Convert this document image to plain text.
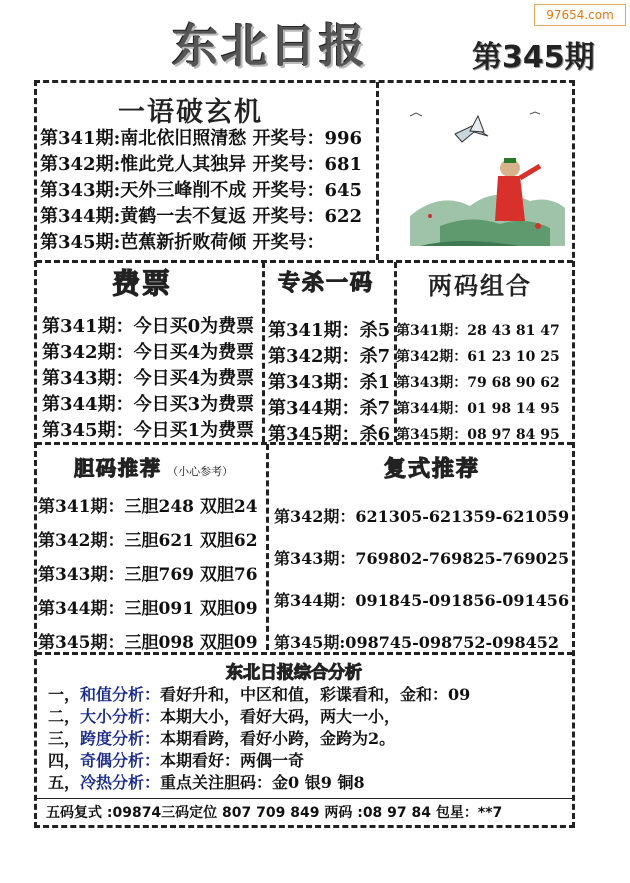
97654.com
东北日报	第345期
一语破玄机
第341期:南北依旧照清愁 开奖号：996
第342期:惟此党人其独异 开奖号：681
第343期:天外三峰削不成 开奖号：645
第344期:黄鹤一去不复返 开奖号：622
第345期:芭蕉新折败荷倾 开奖号：
费票
第341期：今日买0为费票
第342期：今日买4为费票
第343期：今日买4为费票
第344期：今日买3为费票
第345期：今日买1为费票
专杀一码
第341期：杀5
第342期：杀7
第343期：杀1
第344期：杀7
第345期：杀6
两码组合
第341期：28 43 81 47
第342期：61 23 10 25
第343期：79 68 90 62
第344期：01 98 14 95
第345期：08 97 84 95
胆码推荐 （小心参考）
第341期：三胆248 双胆24
第342期：三胆621 双胆62
第343期：三胆769 双胆76
第344期：三胆091 双胆09
第345期：三胆098 双胆09
复式推荐
第342期：621305-621359-621059
第343期：769802-769825-769025
第344期：091845-091856-091456
第345期:098745-098752-098452
东北日报综合分析
一，和值分析：看好升和，中区和值，彩谍看和，金和：09
二，大小分析：本期大小，看好大码，两大一小，
三，跨度分析：本期看跨，看好小跨，金跨为2。
四，奇偶分析：本期看好：两偶一奇
五，冷热分析：重点关注胆码：金0 银9 铜8
五码复式 :09874三码定位 807 709 849 两码 :08 97 84 包星：**7
